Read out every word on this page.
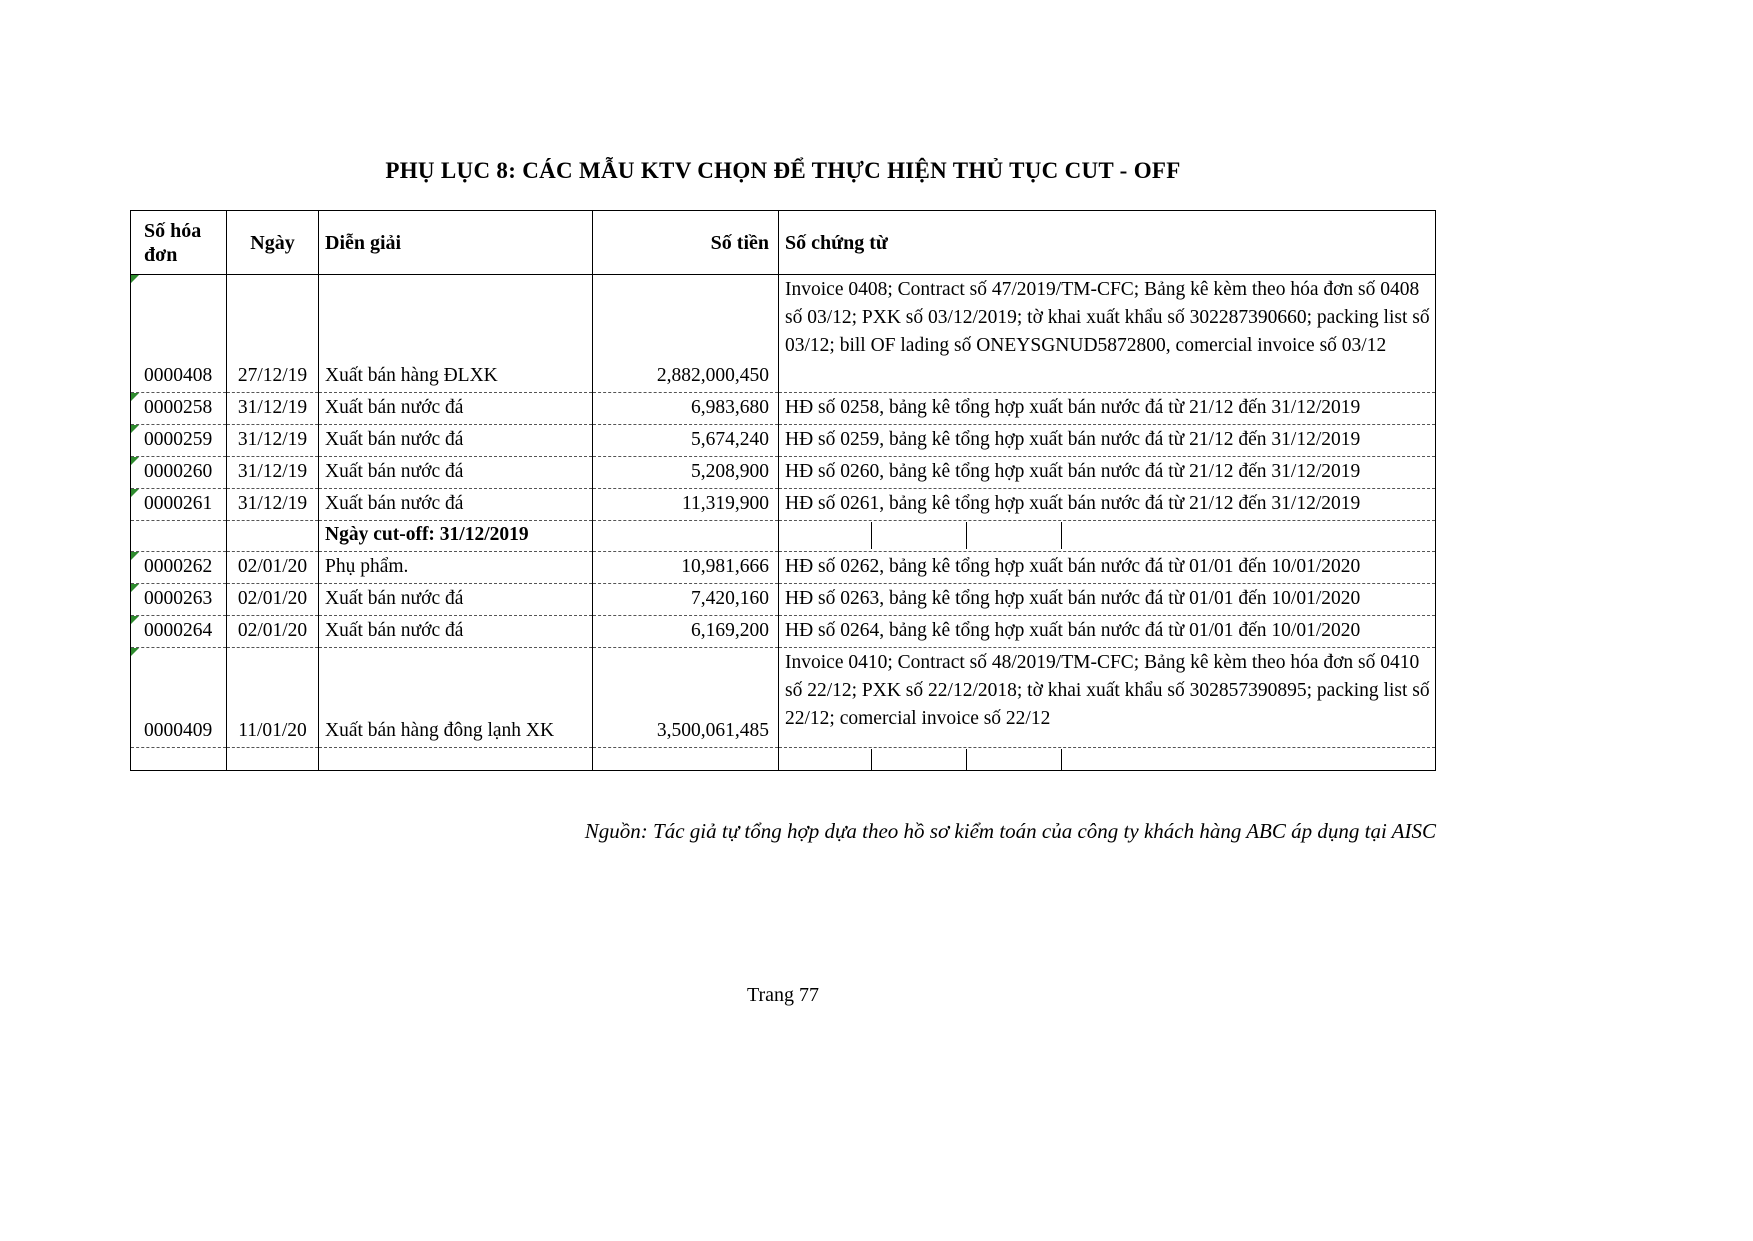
PHỤ LỤC 8: CÁC MẪU KTV CHỌN ĐỂ THỰC HIỆN THỦ TỤC CUT - OFF
Số hóa đơn	Ngày	Diễn giải	Số tiền	Số chứng từ
0000408	27/12/19	Xuất bán hàng ĐLXK	2,882,000,450	Invoice 0408; Contract số 47/2019/TM-CFC; Bảng kê kèm theo hóa đơn số 0408 số 03/12; PXK số 03/12/2019; tờ khai xuất khẩu số 302287390660; packing list số 03/12; bill OF lading số ONEYSGNUD5872800, comercial invoice số 03/12
0000258	31/12/19	Xuất bán nước đá	6,983,680	HĐ số 0258, bảng kê tổng hợp xuất bán nước đá từ 21/12 đến 31/12/2019
0000259	31/12/19	Xuất bán nước đá	5,674,240	HĐ số 0259, bảng kê tổng hợp xuất bán nước đá từ 21/12 đến 31/12/2019
0000260	31/12/19	Xuất bán nước đá	5,208,900	HĐ số 0260, bảng kê tổng hợp xuất bán nước đá từ 21/12 đến 31/12/2019
0000261	31/12/19	Xuất bán nước đá	11,319,900	HĐ số 0261, bảng kê tổng hợp xuất bán nước đá từ 21/12 đến 31/12/2019
		Ngày cut-off: 31/12/2019		

0000262	02/01/20	Phụ phẩm.	10,981,666	HĐ số 0262, bảng kê tổng hợp xuất bán nước đá từ 01/01 đến 10/01/2020
0000263	02/01/20	Xuất bán nước đá	7,420,160	HĐ số 0263, bảng kê tổng hợp xuất bán nước đá từ 01/01 đến 10/01/2020
0000264	02/01/20	Xuất bán nước đá	6,169,200	HĐ số 0264, bảng kê tổng hợp xuất bán nước đá từ 01/01 đến 10/01/2020
0000409	11/01/20	Xuất bán hàng đông lạnh XK	3,500,061,485	Invoice 0410; Contract số 48/2019/TM-CFC; Bảng kê kèm theo hóa đơn số 0410 số 22/12; PXK số 22/12/2018; tờ khai xuất khẩu số 302857390895; packing list số 22/12; comercial invoice số 22/12

Nguồn: Tác giả tự tổng hợp dựa theo hồ sơ kiểm toán của công ty khách hàng ABC áp dụng tại AISC

Trang 77
